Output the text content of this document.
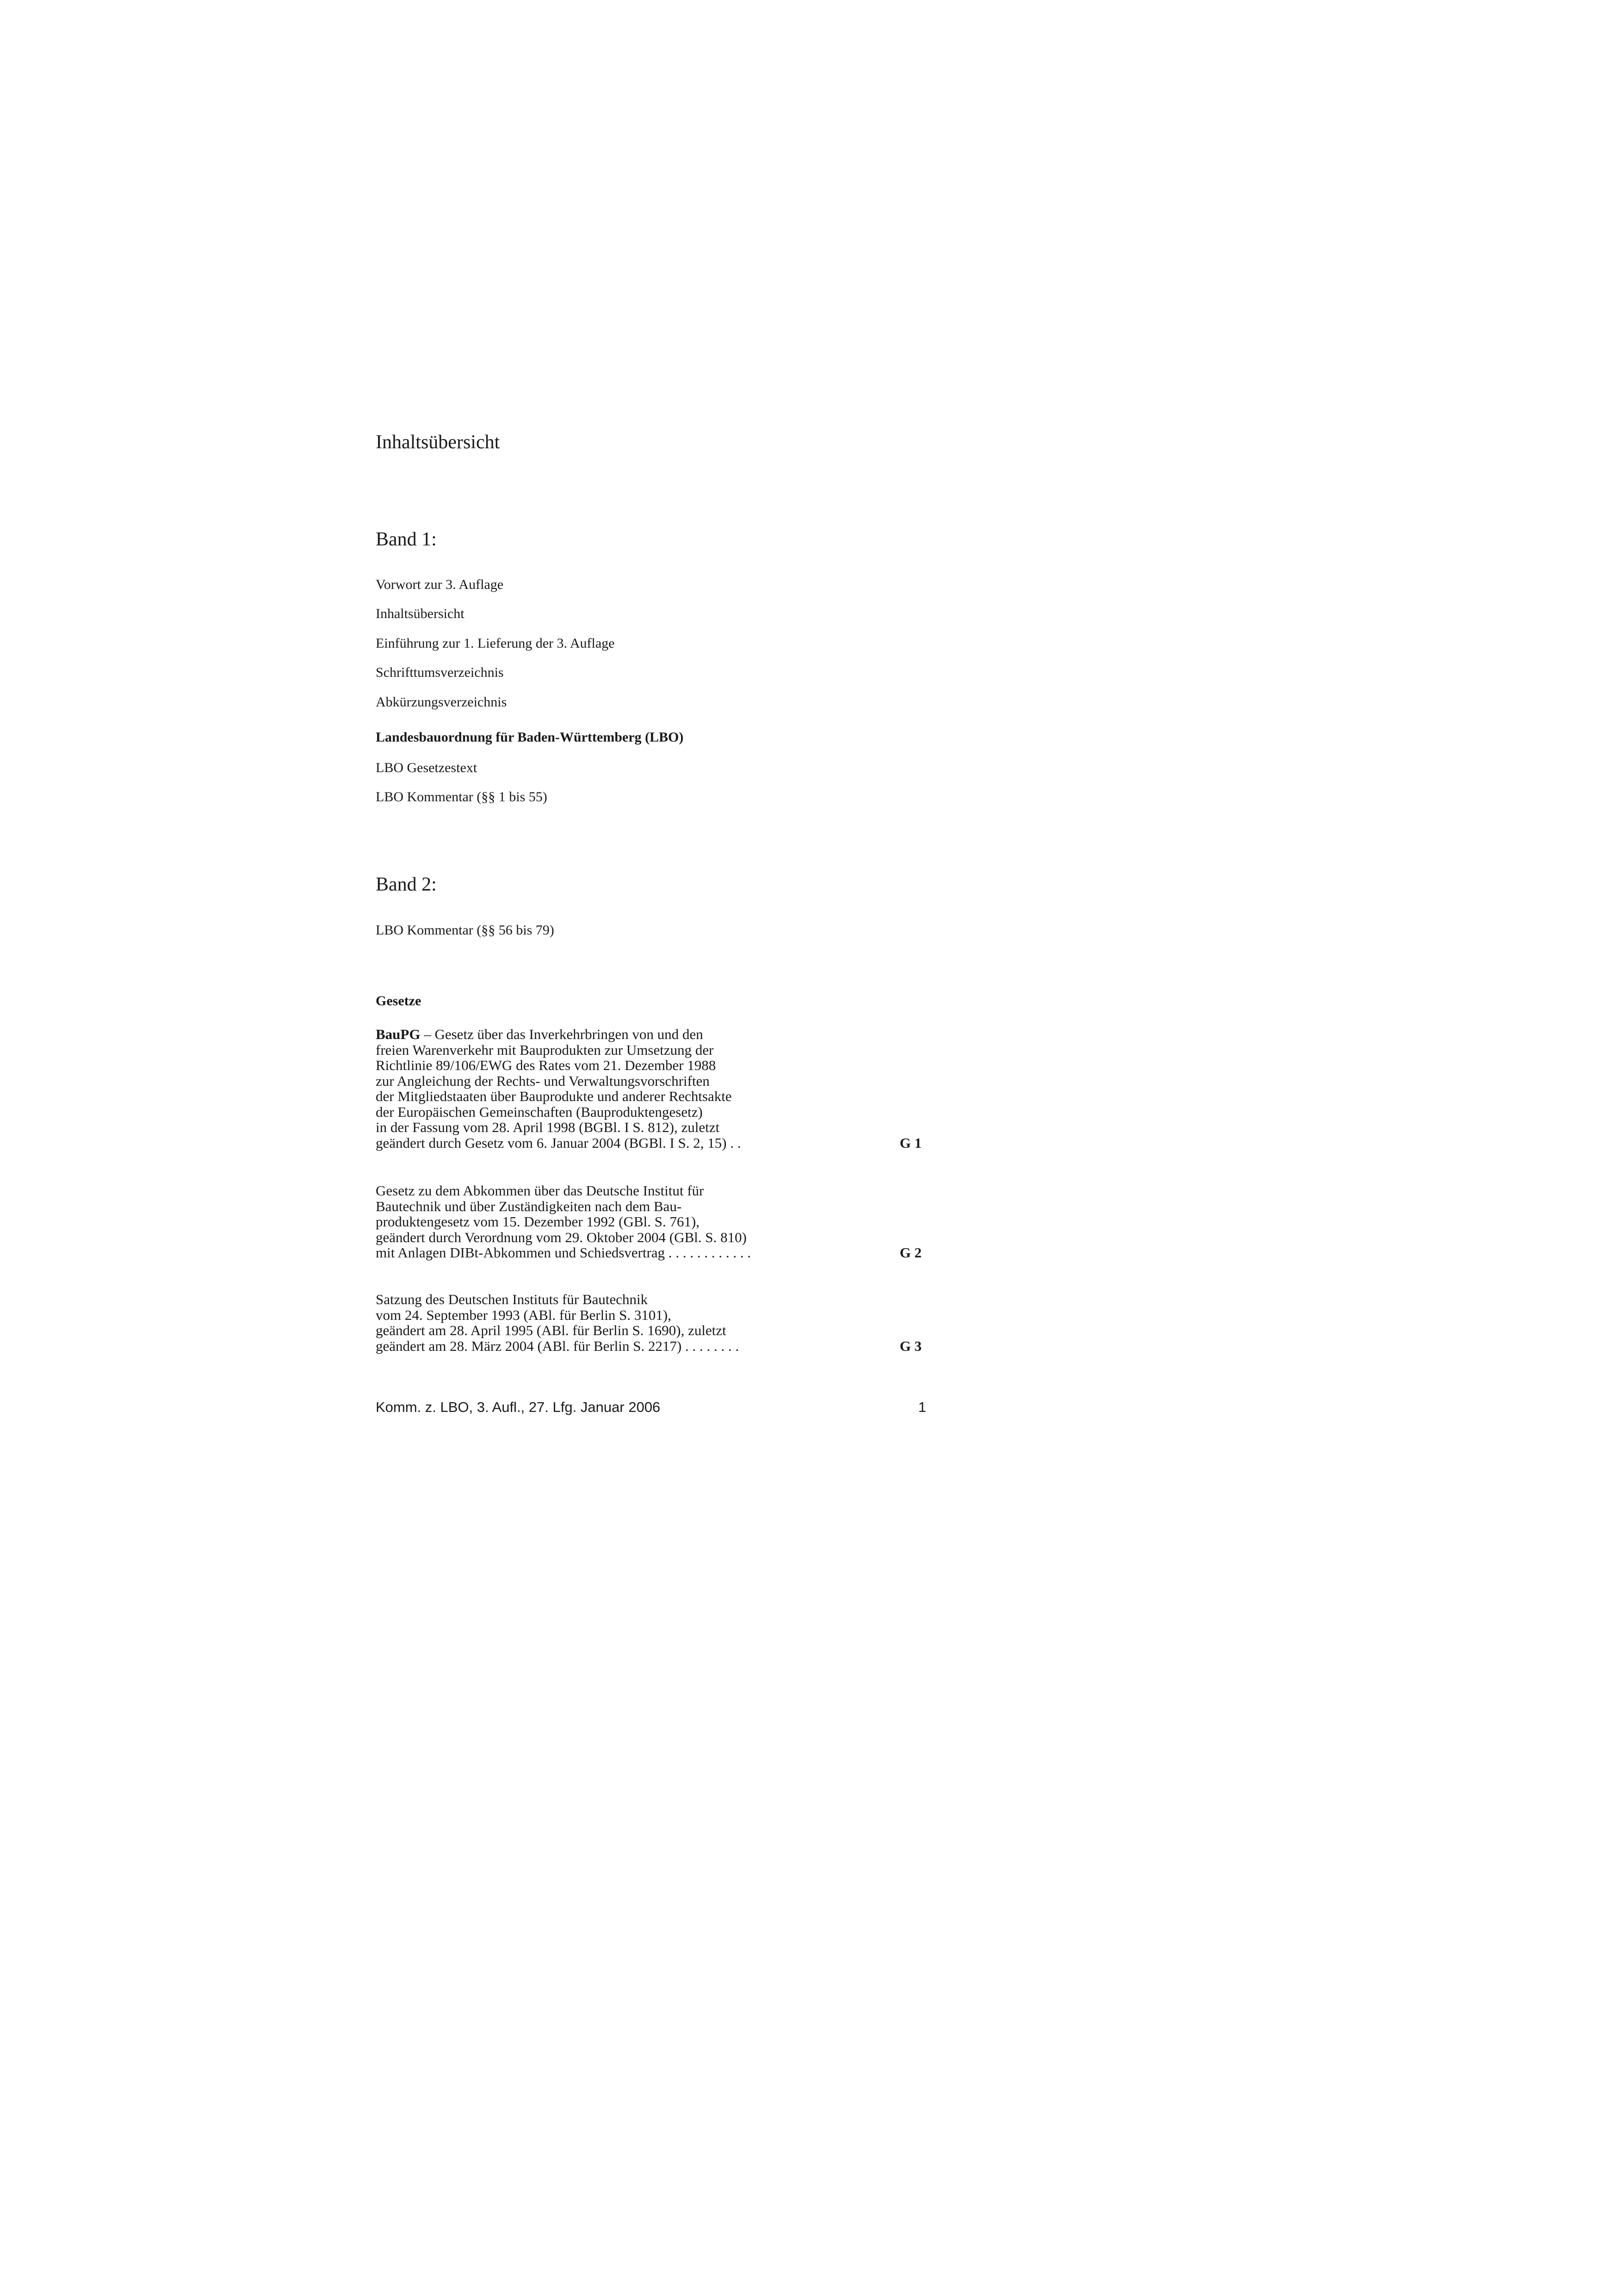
Inhaltsübersicht
Band 1:
Vorwort zur 3. Auflage
Inhaltsübersicht
Einführung zur 1. Lieferung der 3. Auflage
Schrifttumsverzeichnis
Abkürzungsverzeichnis
Landesbauordnung für Baden-Württemberg (LBO)
LBO Gesetzestext
LBO Kommentar (§§ 1 bis 55)
Band 2:
LBO Kommentar (§§ 56 bis 79)
Gesetze
BauPG – Gesetz über das Inverkehrbringen von und den
freien Warenverkehr mit Bauprodukten zur Umsetzung der
Richtlinie 89/106/EWG des Rates vom 21. Dezember 1988
zur Angleichung der Rechts- und Verwaltungsvorschriften
der Mitgliedstaaten über Bauprodukte und anderer Rechtsakte
der Europäischen Gemeinschaften (Bauproduktengesetz)
in der Fassung vom 28. April 1998 (BGBl. I S. 812), zuletzt
geändert durch Gesetz vom 6. Januar 2004 (BGBl. I S. 2, 15) . .	G 1
Gesetz zu dem Abkommen über das Deutsche Institut für
Bautechnik und über Zuständigkeiten nach dem Bau-
produktengesetz vom 15. Dezember 1992 (GBl. S. 761),
geändert durch Verordnung vom 29. Oktober 2004 (GBl. S. 810)
mit Anlagen DIBt-Abkommen und Schiedsvertrag . . . . . . . . . . . .	G 2
Satzung des Deutschen Instituts für Bautechnik
vom 24. September 1993 (ABl. für Berlin S. 3101),
geändert am 28. April 1995 (ABl. für Berlin S. 1690), zuletzt
geändert am 28. März 2004 (ABl. für Berlin S. 2217) . . . . . . . .	G 3
Komm. z. LBO, 3. Aufl., 27. Lfg. Januar 2006	1
